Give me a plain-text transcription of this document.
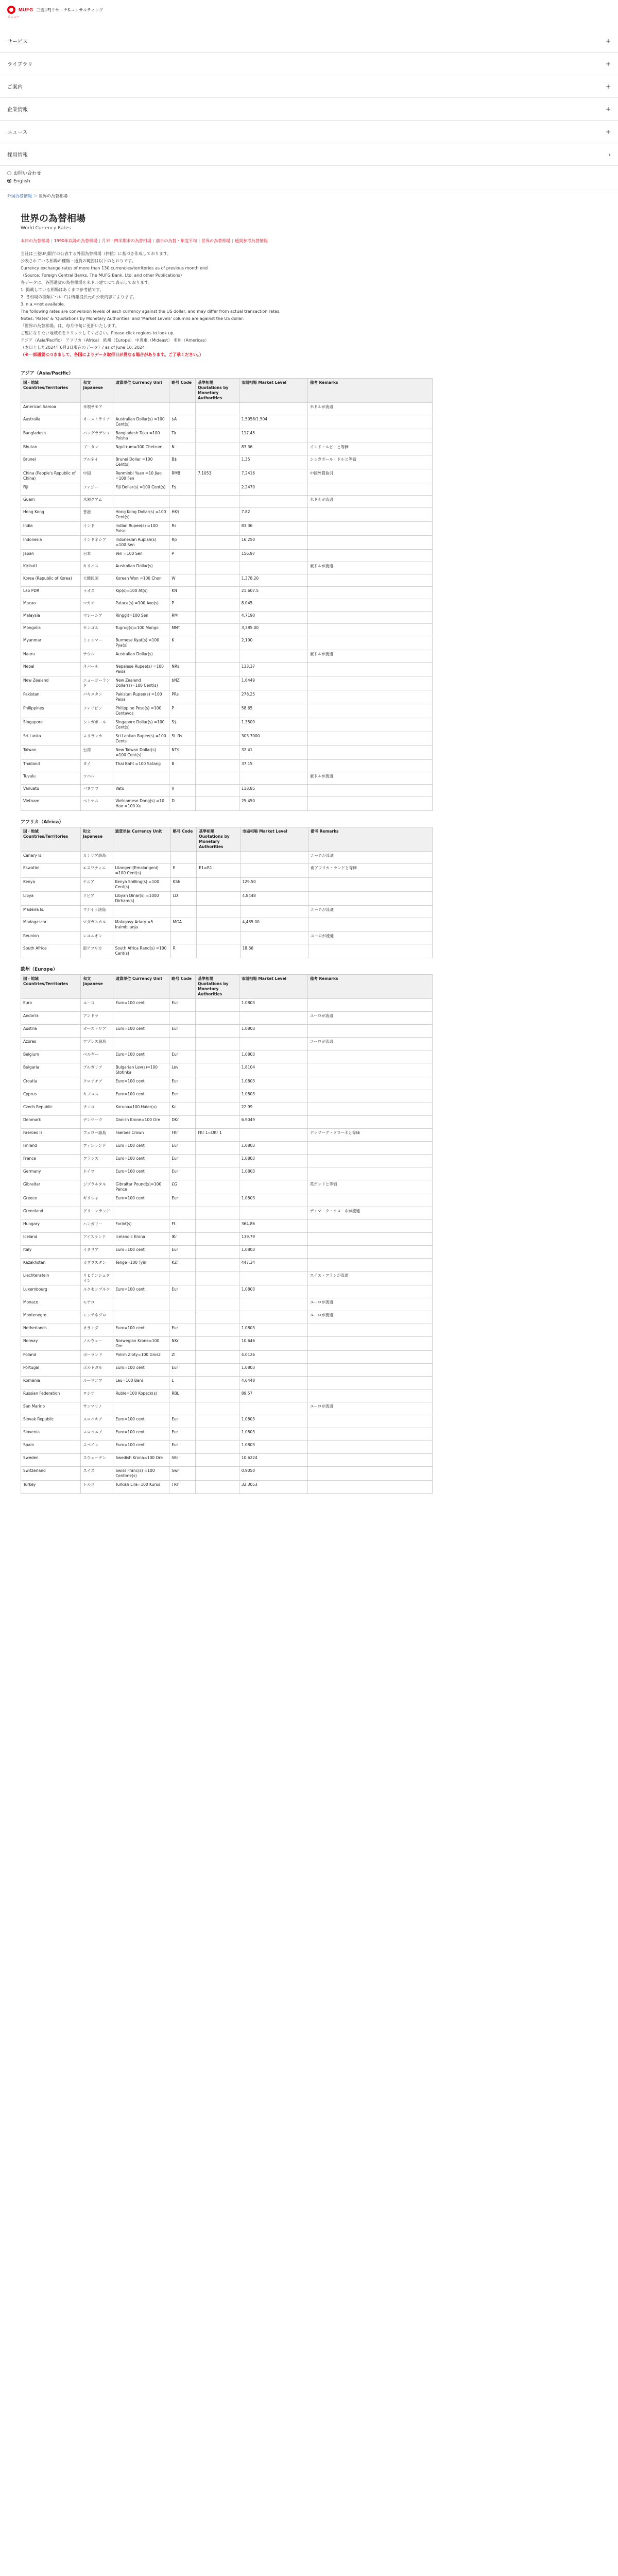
MUFG 三菱UFJリサーチ&コンサルティング
メニュー
サービス	+
ライブラリ	+
ご案内	+
企業情報	+
ニュース	+
採用情報	›
お問い合わせ
English
外国為替情報 ＞ 世界の為替相場
世界の為替相場
World Currency Rates
本日の為替相場 | 1990年以降の為替相場 | 月末・四半期末の為替相場 | 前日の為替・年度平均 | 世界の為替相場 | 通貨参考為替情報

当社は三菱UFJ銀行の公表する外国為替相場（仲値）に基づき作成しております。

公表されている相場の種類・通貨の範囲は以下のとおりです。

Currency exchange rates of more than 130 currencies/territories as of previous month end

（Source: Foreign Central Banks, The MUFG Bank, Ltd. and other Publications）

各データは、各国通貨の為替相場を米ドル建てにて表示しております。

1. 掲載している相場はあくまで参考値です。

2. 各相場の種類については情報提供元の公表内容によります。

3. n.a.=not available.

The following rates are conversion levels of each currency against the US dollar, and may differ from actual transaction rates.

Notes: 'Rates' & 'Quotations by Monetary Authorities' and 'Market Levels' columns are against the US dollar.

「世界の為替相場」は、毎月中旬に更新いたします。

ご覧になりたい地域名をクリックしてください。Please click regions to look up.

アジア（Asia/Pacific） アフリカ（Africa） 欧州（Europe） 中近東（Mideast） 米州（Americas）

（本日とした2024年6月3日現在のデータ）/ as of June 10, 2024

（※一部通貨につきまして、各国によりデータ取得日が異なる場合があります。ご了承ください。）

アジア（Asia/Pacific）
国・地域 Countries/Territories	和文 Japanese	通貨単位 Currency Unit	略号 Code	基準相場 Quotations by Monetary Authorities	市場相場 Market Level	備考 Remarks
American Samoa	米領サモア					米ドルが流通
Australia	オーストラリア	Australian Dollar(s) =100 Cent(s)	$A		1.5058/1.504	
Bangladesh	バングラデシュ	Bangladesh Taka =100 Poisha	Tk		117.45	
Bhutan	ブータン	Ngultrum=100 Chetrum	N		83.36	インド・ルピーと等価
Brunei	ブルネイ	Brunei Dollar =100 Cent(s)	B$		1.35	シンガポール・ドルと等価
China (People's Republic of China)	中国	Renminbi Yuan =10 Jiao =100 Fen	RMB	7.1053	7.2416	中国外貨取引
Fiji	フィジー	Fiji Dollar(s) =100 Cent(s)	F$		2.2470	
Guam	米領グアム					米ドルが流通
Hong Kong	香港	Hong Kong Dollar(s) =100 Cent(s)	HK$		7.82	
India	インド	Indian Rupee(s) =100 Paise	Rs		83.36	
Indonesia	インドネシア	Indonesian Rupiah(s) =100 Sen	Rp		16,250	
Japan	日本	Yen =100 Sen	¥		156.97	
Kiribati	キリバス	Australian Dollar(s)				豪ドルが流通
Korea (Republic of Korea)	大韓民国	Korean Won =100 Chon	W		1,378.20	
Lao PDR	ラオス	Kip(s)=100 At(s)	KN		21,607.5	
Macao	マカオ	Pataca(s) =100 Avo(s)	P		8.045	
Malaysia	マレーシア	Ringgit=100 Sen	RM		4.7190	
Mongolia	モンゴル	Tugrug(s)=100 Mongo	MNT		3,385.00	
Myanmar	ミャンマー	Burmese Kyat(s) =100 Pya(s)	K		2,100	
Nauru	ナウル	Australian Dollar(s)				豪ドルが流通
Nepal	ネパール	Nepalese Rupee(s) =100 Paisa	NRs		133.37	
New Zealand	ニュージーランド	New Zealand Dollar(s)=100 Cent(s)	$NZ		1.6449	
Pakistan	パキスタン	Pakistan Rupee(s) =100 Paisa	PRs		278.25	
Philippines	フィリピン	Philippine Peso(s) =100 Centavos	P		58.65	
Singapore	シンガポール	Singapore Dollar(s) =100 Cent(s)	S$		1.3509	
Sri Lanka	スリランカ	Sri Lankan Rupee(s) =100 Cents	SL Rs		303.7000	
Taiwan	台湾	New Taiwan Dollar(s) =100 Cent(s)	NT$		32.41	
Thailand	タイ	Thai Baht =100 Satang	B		37.15	
Tuvalu	ツバル					豪ドルが流通
Vanuatu	バヌアツ	Vatu	V		118.85	
Vietnam	ベトナム	Vietnamese Dong(s) =10 Hao =100 Xu	D		25,450	
アフリカ（Africa）
国・地域 Countries/Territories	和文 Japanese	通貨単位 Currency Unit	略号 Code	基準相場 Quotations by Monetary Authorities	市場相場 Market Level	備考 Remarks
Canary Is.	カナリア諸島					ユーロが流通
Eswatini	エスワティニ	Lilangeni(Emalangeni) =100 Cent(s)	E	E1=R1		南アフリカ・ランドと等価
Kenya	ケニア	Kenya Shilling(s) =100 Cent(s)	KSh		129.50	
Libya	リビア	Libyan Dinar(s) =1000 Dirham(s)	LD		4.8448	
Madeira Is.	マデイラ諸島					ユーロが流通
Madagascar	マダガスカル	Malagasy Ariary =5 Iraimbilanja	MGA		4,485.00	
Reunion	レユニオン					ユーロが流通
South Africa	南アフリカ	South Africa Rand(s) =100 Cent(s)	R		18.66	
欧州（Europe）
国・地域 Countries/Territories	和文 Japanese	通貨単位 Currency Unit	略号 Code	基準相場 Quotations by Monetary Authorities	市場相場 Market Level	備考 Remarks
Euro	ユーロ	Euro=100 cent	Eur		1.0803	
Andorra	アンドラ					ユーロが流通
Austria	オーストリア	Euro=100 cent	Eur		1.0803	
Azores	アゾレス諸島					ユーロが流通
Belgium	ベルギー	Euro=100 cent	Eur		1.0803	
Bulgaria	ブルガリア	Bulgarian Lev(s)=100 Stotinka	Lev		1.8104	
Croatia	クロアチア	Euro=100 cent	Eur		1.0803	
Cyprus	キプロス	Euro=100 cent	Eur		1.0803	
Czech Republic	チェコ	Koruna=100 Haler(u)	Kc		22.99	
Denmark	デンマーク	Danish Krone=100 Ore	DKr		6.9049	
Faeroes Is.	フェロー諸島	Faeroes Crown	FKr	FKr 1=DKr 1		デンマーク・クローネと等価
Finland	フィンランド	Euro=100 cent	Eur		1.0803	
France	フランス	Euro=100 cent	Eur		1.0803	
Germany	ドイツ	Euro=100 cent	Eur		1.0803	
Gibraltar	ジブラルタル	Gibraltar Pound(s)=100 Pence	£G			英ポンドと等価
Greece	ギリシャ	Euro=100 cent	Eur		1.0803	
Greenland	グリーンランド					デンマーク・クローネが流通
Hungary	ハンガリー	Forint(s)	Ft		364.86	
Iceland	アイスランド	Icelandic Krona	IKr		139.79	
Italy	イタリア	Euro=100 cent	Eur		1.0803	
Kazakhstan	カザフスタン	Tenge=100 Tyin	KZT		447.34	
Liechtenstein	リヒテンシュタイン					スイス・フランが流通
Luxembourg	ルクセンブルク	Euro=100 cent	Eur		1.0803	
Monaco	モナコ					ユーロが流通
Montenegro	モンテネグロ					ユーロが流通
Netherlands	オランダ	Euro=100 cent	Eur		1.0803	
Norway	ノルウェー	Norwegian Krone=100 Ore	NKr		10.646	
Poland	ポーランド	Polish Zloty=100 Grosz	Zl		4.0126	
Portugal	ポルトガル	Euro=100 cent	Eur		1.0803	
Romania	ルーマニア	Leu=100 Bani	L		4.6448	
Russian Federation	ロシア	Ruble=100 Kopeck(s)	RBL		89.57	
San Marino	サンマリノ					ユーロが流通
Slovak Republic	スロバキア	Euro=100 cent	Eur		1.0803	
Slovenia	スロベニア	Euro=100 cent	Eur		1.0803	
Spain	スペイン	Euro=100 cent	Eur		1.0803	
Sweden	スウェーデン	Swedish Krona=100 Ore	SKr		10.6224	
Switzerland	スイス	Swiss Franc(s) =100 Centime(s)	SwF		0.9050	
Turkey	トルコ	Turkish Lira=100 Kurus	TRY		32.3053	
